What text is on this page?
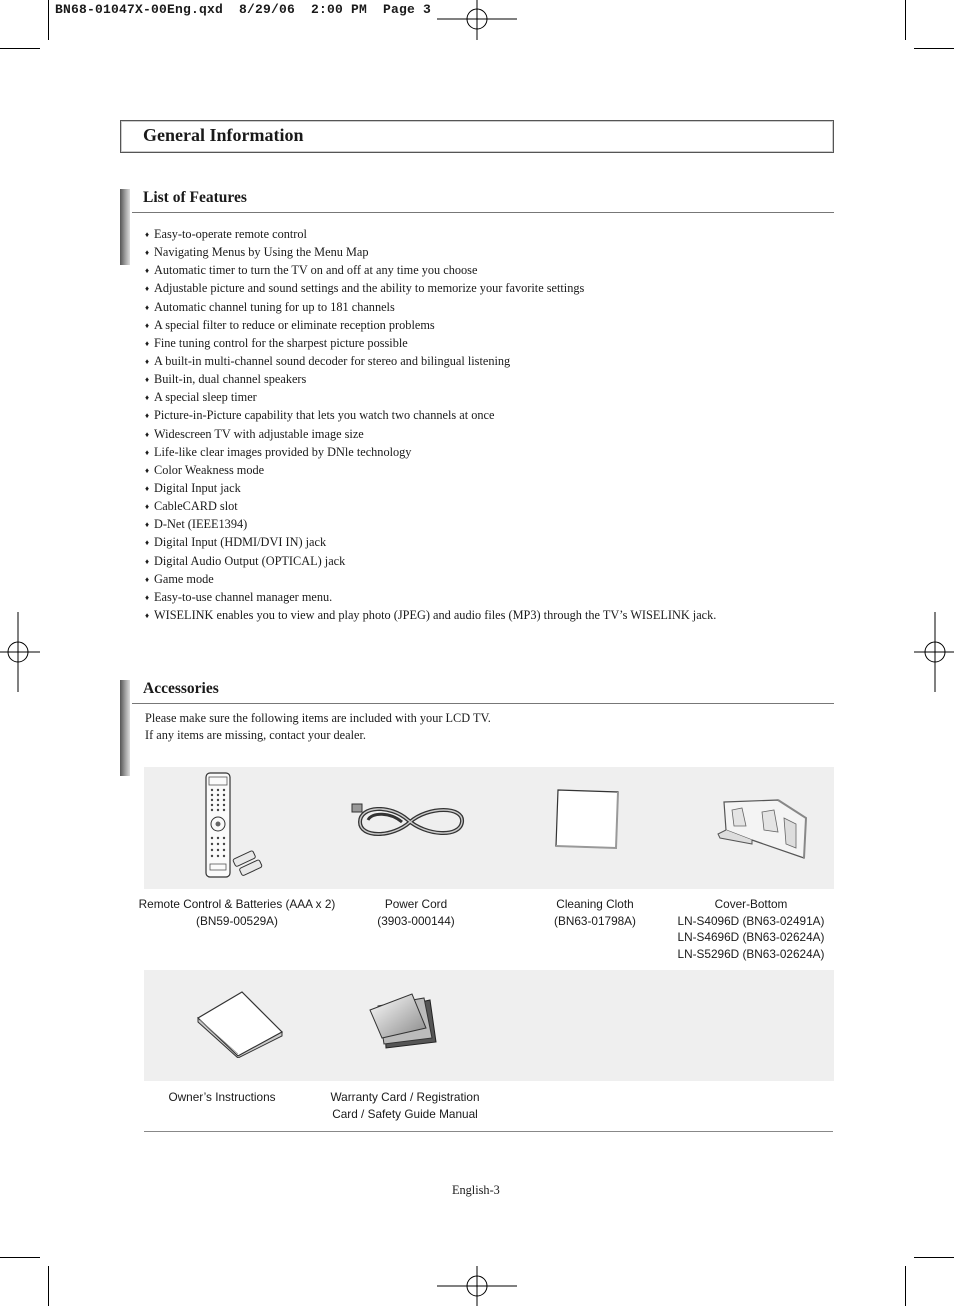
BN68-01047X-00Eng.qxd  8/29/06  2:00 PM  Page 3
General Information
List of Features
♦ Easy-to-operate remote control
♦ Navigating Menus by Using the Menu Map
♦ Automatic timer to turn the TV on and off at any time you choose
♦ Adjustable picture and sound settings and the ability to memorize your favorite settings
♦ Automatic channel tuning for up to 181 channels
♦ A special filter to reduce or eliminate reception problems
♦ Fine tuning control for the sharpest picture possible
♦ A built-in multi-channel sound decoder for stereo and bilingual listening
♦ Built-in, dual channel speakers
♦ A special sleep timer
♦ Picture-in-Picture capability that lets you watch two channels at once
♦ Widescreen TV with adjustable image size
♦ Life-like clear images provided by DNle technology
♦ Color Weakness mode
♦ Digital Input jack
♦ CableCARD slot
♦ D-Net (IEEE1394)
♦ Digital Input (HDMI/DVI IN) jack
♦ Digital Audio Output (OPTICAL) jack
♦ Game mode
♦ Easy-to-use channel manager menu.
♦ WISELINK enables you to view and play photo (JPEG) and audio files (MP3) through the TV’s WISELINK jack.
Accessories
Please make sure the following items are included with your LCD TV.
If any items are missing, contact your dealer.
Remote Control & Batteries (AAA x 2)
(BN59-00529A)
Power Cord
(3903-000144)
Cleaning Cloth
(BN63-01798A)
Cover-Bottom
LN-S4096D (BN63-02491A)
LN-S4696D (BN63-02624A)
LN-S5296D (BN63-02624A)
Owner’s Instructions	Warranty Card / Registration
Card / Safety Guide Manual
English-3
